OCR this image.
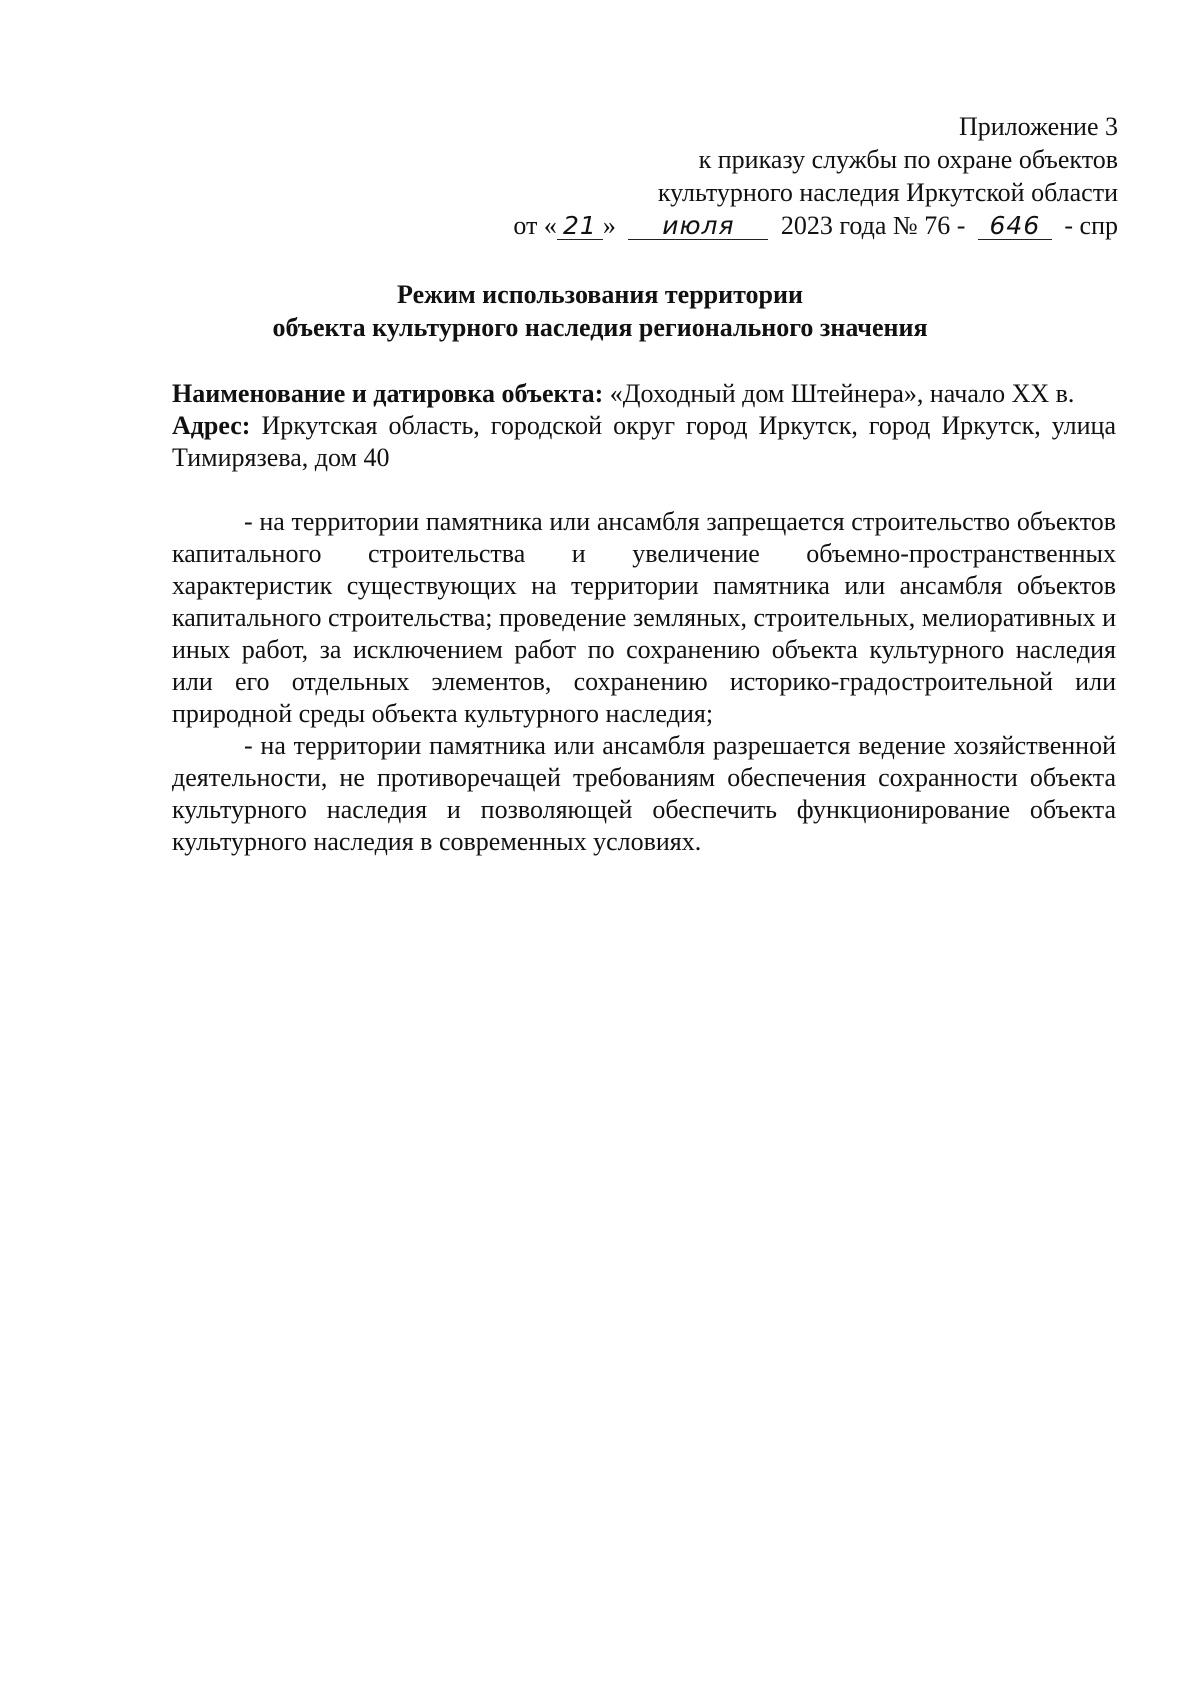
Приложение 3
к приказу службы по охране объектов
культурного наследия Иркутской области
от « 21 » июля 2023 года № 76 - 646 - спр
Режим использования территории
объекта культурного наследия регионального значения

Наименование и датировка объекта: «Доходный дом Штейнера», начало XX в.

Адрес: Иркутская область, городской округ город Иркутск, город Иркутск, улица Тимирязева, дом 40

- на территории памятника или ансамбля запрещается строительство объектов капитального строительства и увеличение объемно-пространственных характеристик существующих на территории памятника или ансамбля объектов капитального строительства; проведение земляных, строительных, мелиоративных и иных работ, за исключением работ по сохранению объекта культурного наследия или его отдельных элементов, сохранению историко-градостроительной или природной среды объекта культурного наследия;

- на территории памятника или ансамбля разрешается ведение хозяйственной деятельности, не противоречащей требованиям обеспечения сохранности объекта культурного наследия и позволяющей обеспечить функционирование объекта культурного наследия в современных условиях.
